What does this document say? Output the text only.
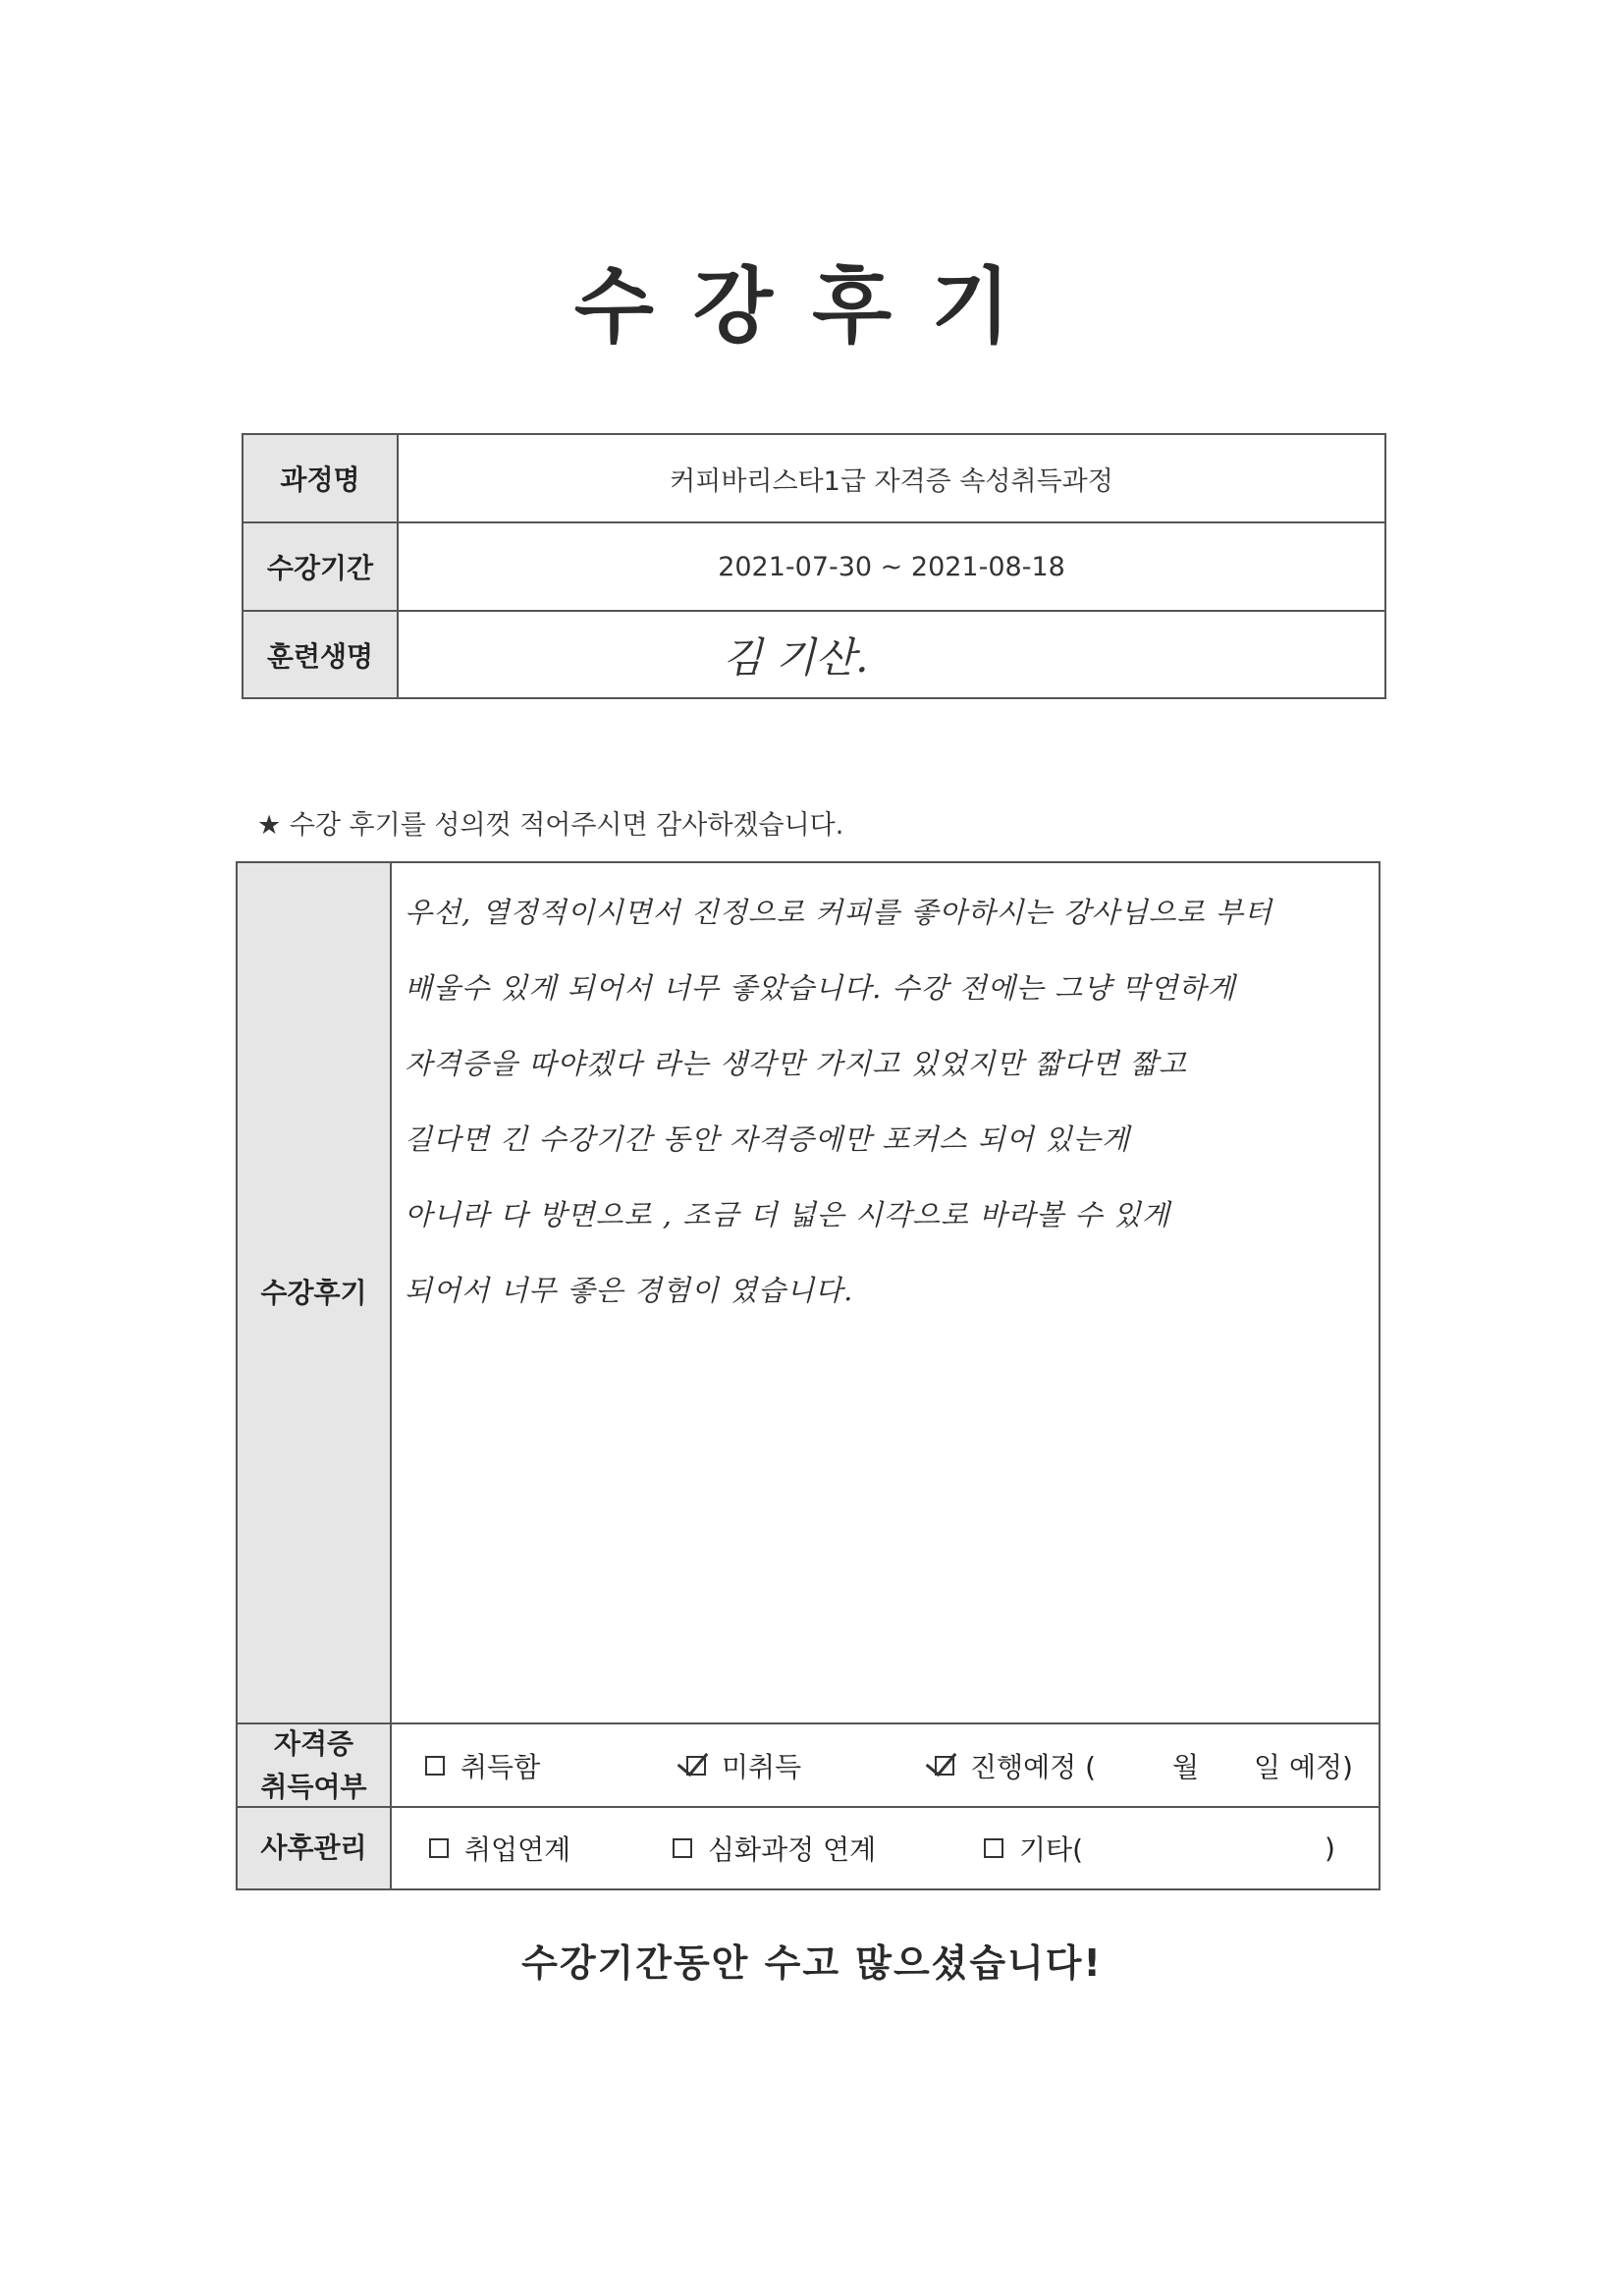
수강후기
과정명	커피바리스타1급 자격증 속성취득과정
수강기간	2021-07-30 ~ 2021-08-18
훈련생명	김 기산.
★ 수강 후기를 성의껏 적어주시면 감사하겠습니다.
수강후기
우선, 열정적이시면서 진정으로 커피를 좋아하시는 강사님으로 부터
배울수 있게 되어서 너무 좋았습니다. 수강 전에는 그냥 막연하게
자격증을 따야겠다 라는 생각만 가지고 있었지만 짧다면 짧고
길다면 긴 수강기간 동안 자격증에만 포커스 되어 있는게
아니라 다 방면으로 , 조금 더 넓은 시각으로 바라볼 수 있게
되어서 너무 좋은 경험이 였습니다.
자격증
취득여부
취득함	미취득	진행예정 (	월 일 예정)
사후관리	취업연계	심화과정 연계	기타(	)
수강기간동안 수고 많으셨습니다!
